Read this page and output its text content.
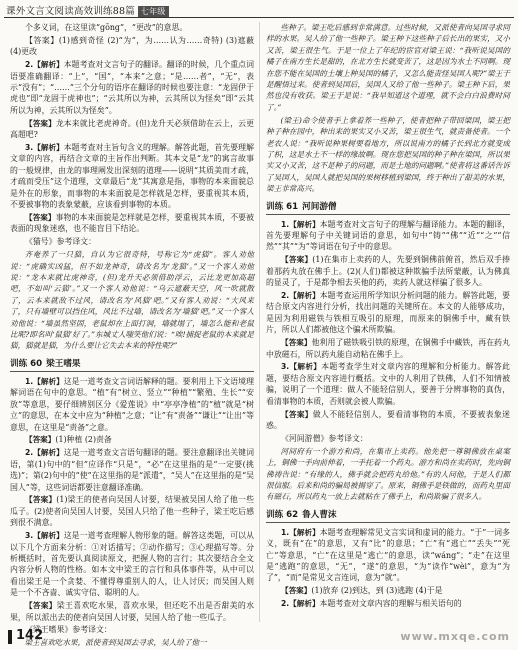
课外文言文阅读高效训练88篇 七年级

个多义词，在这里读“gōng”，“更改”的意思。

【答案】(1)感到奇怪 (2)“为”，为……认为……奇特) (3)遮蔽 (4)更改

2.【解析】本题考查对文言句子的翻译。翻译的时候，几个重点词语要准确翻译：“上”，“国”，“本来”之意；“是……者”，“无”，表示“没有”；“……”三个分句的语序在翻译的时候也要注意：“龙固伊于虎也”即“龙固于虎神也”；“云其所以为神，云其所以为怪矣”即“云其所以为神，云其所以为怪矣”。

【答案】龙本来就比老虎神奇。(但)龙升天必须借助在云上，云更高超吧?

3.【解析】本题考查对主旨句含义的理解。解答此题，首先要理解文章的内容，再结合文章的主旨作出判断。其本文是“龙”的寓言故事的一般规律，由龙的事理阐发出深刻的道理——说明“其质美而才疏，才疏而受压”这个道理，文章最后“龙”其寓意是指，事物的本来面貌总是外在的形象，而事物的本来面貌是怎样就是怎样，要重视其本质，不要被事物的表象蒙蔽，应该看到事物的本质。

【答案】事物的本来面貌是怎样就是怎样，要重视其本质，不要被表面的现象迷惑，也不能盲目下结论。

《猫号》参考译文：

齐奄养了一只猫，自认为它很奇特，号称它为“虎猫”。客人劝他说：“虎确实凶猛，但不如龙神奇，请改名为‘龙猫’。”又一个客人劝他说：“龙本来就比虎神奇，(但)龙升天必须借助浮云，云比龙更加高超吧，不如叫‘云猫’。”又一个客人劝他说：“乌云遮蔽天空，风一吹就散了，云本来就敌不过风，请改名为‘风猫’吧。”又有客人劝说：“大风来了，只有墙壁可以挡住风，风比不过墙，请改名为‘墙猫’吧。”又一个客人劝他说：“墙虽然坚固，老鼠却在上面打洞，墙就塌了，墙怎么能和老鼠比呢?即名叫‘鼠猫’好了。”东城丈人嗤笑他们说：“唉!捕捉老鼠的本来就是猫，猫就是猫，为什么要让它失去本来的特性呢?”

训练 60 梁王嗜果

1.【解析】这是一道考查文言词语解释的题。要利用上下文语境理解词语在句中的意思。“植”有“树立、竖立”“种植”“繁殖、生长”“安放”等意思，要仔细辨别区分《爱莲说》中“亭亭净植”的“植”就是“树立”的意思，在本文中应为“种植”之意；“让”有“责备”“谦让”“让出”等意思，在这里是“责备”之意。

【答案】(1)种植 (2)责备

2.【解析】这是一道考查文言语句翻译的题。要注意翻译出关键词语，第(1)句中的“但”应译作“只是”，“必”在这里指的是“一定要(挑选)”；第(2)句中的“使”在这里指的是“派遣”，“吴人”在这里指的是“吴国人”等，这些词语都要注意翻译准确。

【答案】(1)梁王的使者向吴国人讨要，结果被吴国人给了他一些瓜子。(2)使者向吴国人讨要，吴国人只给了他一些种子，梁王吃后感到很不满意。

3.【解析】这是一道考查理解人物形象的题。解答这类题，可以从以下几个方面来分析：①对话描写；②动作描写；③心理描写等。分析概括时，首先要认真阅读原文，把握人物的言行；其次要结合全文内容分析人物的性格。如本文中梁王的言行和具体事件等，从中可以看出梁王是一个贪婪、不懂得尊重别人的人，让人讨厌；而吴国人则是一个不吝啬、诚实守信、聪明的人。

【答案】梁王喜欢吃水果，喜欢水果，但还吃不出是否甜美的水果，所以派出去的使者向吴国人讨要，吴国人给了他一些瓜子。

《梁王嗜果》参考译文：

梁王喜欢吃水果，派使者到吴国去寻求，吴人给了他一

些种子。梁王吃后感到非常满意。过些时候，又派使者向吴国寻求同样的水果。吴人给了他一些种子。梁王种下这些种子后长出的果实，又小又苦，梁王很生气。于是一位上了年纪的宦官对梁王说：“我听说吴国的橘子在南方生长是甜的，在北方生长就变苦了，这是因为水土不同啊。现在您不能在吴国的土壤上种吴国的橘子，又怎么能责怪吴国人呢?”梁王于是醒悟过来。使者到吴国后，吴国人又给了他一些种子。梁王种下后，果然也没有收获。梁王于是说：“我早知道这个道理，就不会白白浪费时间了。”

(梁王)命令使者手上拿着养一些种子，使者把种子带回梁国，梁王把种子种在园中，种出来的果实又小又苦，梁王很生气，就责备使者。一个老农人说：“我听说种果树要看地方，所以说南方的橘子长到北方就变成了枳，这是水土不一样的缘故啊。现在您把吴国的种子种在梁国，所以果实又小又苦，这不是种子的问题，而是土地的问题啊。”使者将这番话告诉了吴国人，吴国人就把吴国的果树移植到梁国，终于种出了甜美的水果，梁王非常高兴。

训练 61 河间游僧

1.【解析】本题考查对文言句子的理解与翻译能力。本题的翻译，首先要理解句子中关键词语的意思，如句中“铸”“佛”“近”“之”“信然”“其”“为”等词语在句子中的意思。

【答案】(1)在集市上卖药的人，先要到铜佛前俯首，然后双手捧着那药丸放在佛手上。(2)(人们)都被这种欺骗手法所蒙蔽，认为佛真的显灵了，于是都争相去买他的药，卖药人就这样骗了很多人。

2.【解析】本题考查运用所学知识分析问题的能力。解答此题，要结合原文内容进行分析，找出问题的关键所在。本文的人能够成功，是因为利用磁铁与铁相互吸引的原理，而原来的铜佛手中，藏有铁片，所以人们都被他这个骗术所欺骗。

【答案】他利用了磁铁吸引铁的原理，在铜佛手中藏铁，再在药丸中放磁石，所以药丸能自动粘在佛手上。

3.【解析】本题考查学生对文章内容的理解和分析能力。解答此题，要结合原文内容进行概括。文中的人利用了铁佛，人们不知情被骗，说明了一个道理：做人不能轻信别人，要善于分辨事物的真伪，看清事物的本质，否则就会被人欺骗。

【答案】做人不能轻信别人，要看清事物的本质，不要被表象迷惑。

《河间游僧》参考译文：

河间府有一个游方和尚，在集市上卖药。他先把一尊铜佛放在桌案上，铜佛一手向前伸着，一手托着一个药丸。游方和尚在卖药时，先向铜佛祷告说：“有缘的人，佛手就会把药丸给他。”有的人问他，于是人们都很信服。后来和尚的骗局被揭穿了。原来，铜佛手是铁做的，而药丸里面有磁石，所以药丸一放上去就粘在了佛手上，和尚欺骗了很多人。

训练 62 鲁人曹沫

1.【解析】本题考查理解常见文言实词和虚词的能力。“于”一词多义，既有“在”的意思，又有“比”的意思；“亡”有“逃亡”“丢失”“死亡”等意思，“亡”在这里是“逃亡”的意思，读“wáng”；“走”在这里是“逃跑”的意思，“无”，“遂”的意思，“为”读作“wèi”，意为“为了”，“而”是常见文言连词，意为“就”。

【答案】(1)放弃 (2)到达，到 (3)逃跑 (4)于是

2.【解析】本题考查对文章内容的理解与相关语句的

142	www.mxqe.com
